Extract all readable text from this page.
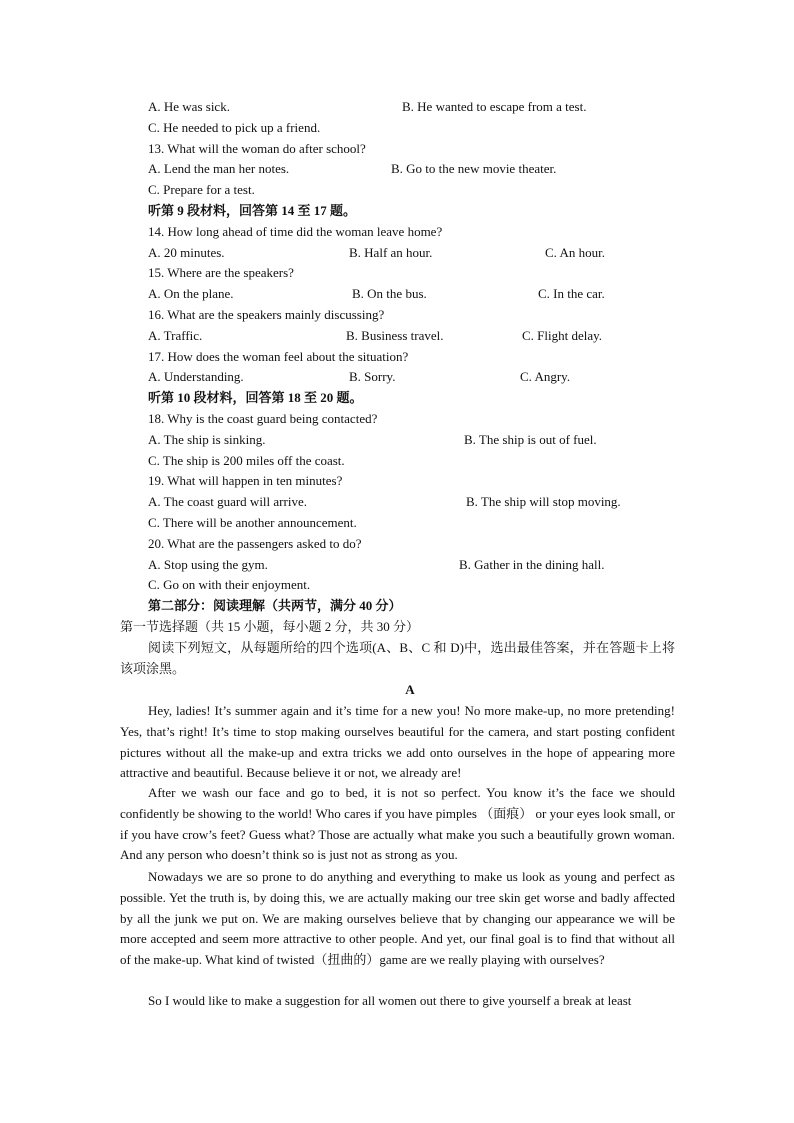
A. He was sick.	B. He wanted to escape from a test.
C. He needed to pick up a friend.
13. What will the woman do after school?
A. Lend the man her notes.	B. Go to the new movie theater.
C. Prepare for a test.
听第 9 段材料，回答第 14 至 17 题。
14. How long ahead of time did the woman leave home?
A. 20 minutes.	B. Half an hour.	C. An hour.
15. Where are the speakers?
A. On the plane.	B. On the bus.	C. In the car.
16. What are the speakers mainly discussing?
A. Traffic.	B. Business travel.	C. Flight delay.
17. How does the woman feel about the situation?
A. Understanding.	B. Sorry.	C. Angry.
听第 10 段材料，回答第 18 至 20 题。
18. Why is the coast guard being contacted?
A. The ship is sinking.	B. The ship is out of fuel.
C. The ship is 200 miles off the coast.
19. What will happen in ten minutes?
A. The coast guard will arrive.	B. The ship will stop moving.
C. There will be another announcement.
20. What are the passengers asked to do?
A. Stop using the gym.	B. Gather in the dining hall.
C. Go on with their enjoyment.
第二部分：阅读理解（共两节，满分 40 分）
第一节选择题（共 15 小题，每小题 2 分，共 30 分）
阅读下列短文，从每题所给的四个选项(A、B、C 和 D)中，选出最佳答案，并在答题卡上将该项涂黑。
A
Hey, ladies! It’s summer again and it’s time for a new you! No more make-up, no more pretending! Yes, that’s right! It’s time to stop making ourselves beautiful for the camera, and start posting confident pictures without all the make-up and extra tricks we add onto ourselves in the hope of appearing more attractive and beautiful. Because believe it or not, we already are!
After we wash our face and go to bed, it is not so perfect. You know it’s the face we should confidently be showing to the world! Who cares if you have pimples （面痕） or your eyes look small, or if you have crow’s feet? Guess what? Those are actually what make you such a beautifully grown woman. And any person who doesn’t think so is just not as strong as you.
Nowadays we are so prone to do anything and everything to make us look as young and perfect as possible. Yet the truth is, by doing this, we are actually making our tree skin get worse and badly affected by all the junk we put on. We are making ourselves believe that by changing our appearance we will be more accepted and seem more attractive to other people. And yet, our final goal is to find that without all of the make-up. What kind of twisted（扭曲的）game are we really playing with ourselves?
So I would like to make a suggestion for all women out there to give yourself a break at least
